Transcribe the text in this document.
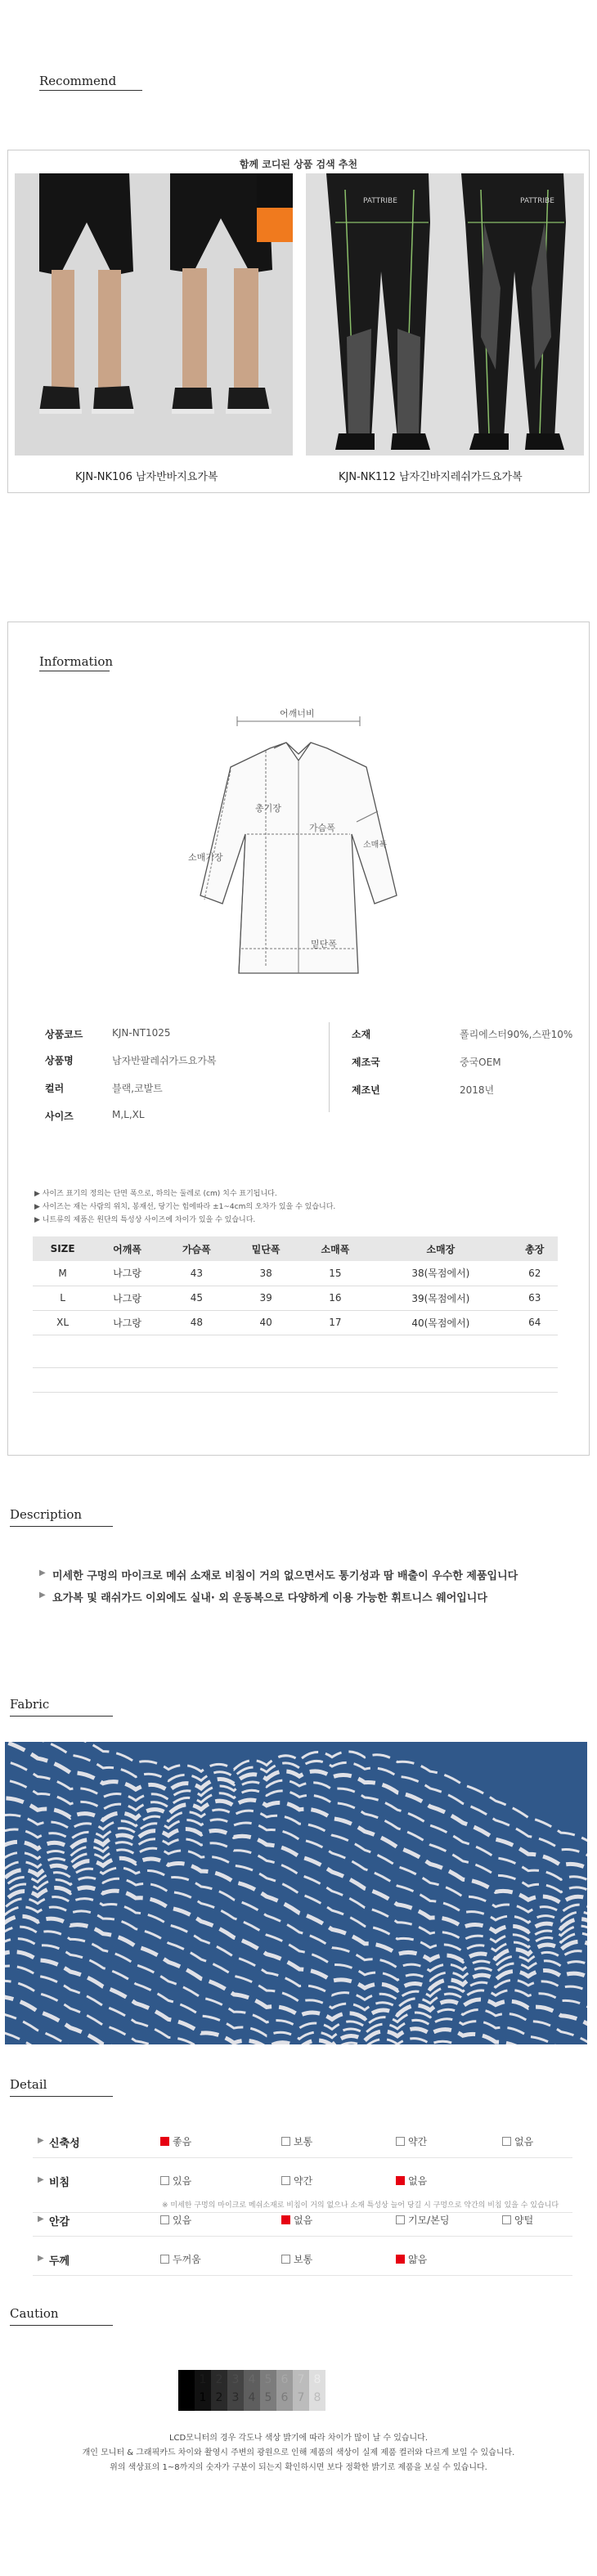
Recommend
함께 코디된 상품 검색 추천
PATTRIBE	PATTRIBE
KJN-NK106 남자반바지요가복	KJN-NK112 남자긴바지레쉬가드요가복
Information
어깨너비
총기장
소매기장
가슴폭
소매폭
밑단폭
상품코드	KJN-NT1025
상품명	남자반팔레쉬가드요가복
컬러	블랙,코발트
사이즈	M,L,XL
소재	폴리에스터90%,스판10%
제조국	중국OEM
제조년	2018년
▶ 사이즈 표기의 정의는 단면 폭으로, 하의는 둘레로 (cm) 치수 표기됩니다.
▶ 사이즈는 재는 사람의 위치, 봉재선, 당기는 힘에따라 ±1~4cm의 오차가 있을 수 있습니다.
▶ 니트류의 제품은 원단의 특성상 사이즈에 차이가 있을 수 있습니다.
SIZE	어깨폭	가슴폭	밑단폭	소매폭	소매장	총장
M	나그랑	43	38	15	38(목점에서)	62
L	나그랑	45	39	16	39(목점에서)	63
XL	나그랑	48	40	17	40(목점에서)	64
Description
▶ 미세한 구멍의 마이크로 메쉬 소재로 비침이 거의 없으면서도 통기성과 땀 배출이 우수한 제품입니다
▶ 요가복 및 래쉬가드 이외에도 실내· 외 운동복으로 다양하게 이용 가능한 휘트니스 웨어입니다
Fabric
Detail
▶ 신축성	좋음	보통	약간	없음
▶ 비침	있음	약간	없음
※ 미세한 구멍의 마이크로 메쉬소재로 비침이 거의 없으나 소재 특성상 늘어 당길 시 구멍으로 약간의 비침 있을 수 있습니다
▶ 안감	있음	없음	기모/본딩	양털
▶ 두께	두꺼움	보통	얇음
Caution
1
1
2
2
3
3
4
4
5
5
6
6
7
7
8
8
LCD모니터의 경우 각도나 색상 밝기에 따라 차이가 많이 날 수 있습니다.
개인 모니터 & 그래픽카드 차이와 촬영시 주변의 광원으로 인해 제품의 색상이 실제 제품 컬러와 다르게 보일 수 있습니다.
위의 색상표의 1~8까지의 숫자가 구분이 되는지 확인하시면 보다 정확한 밝기로 제품을 보실 수 있습니다.
